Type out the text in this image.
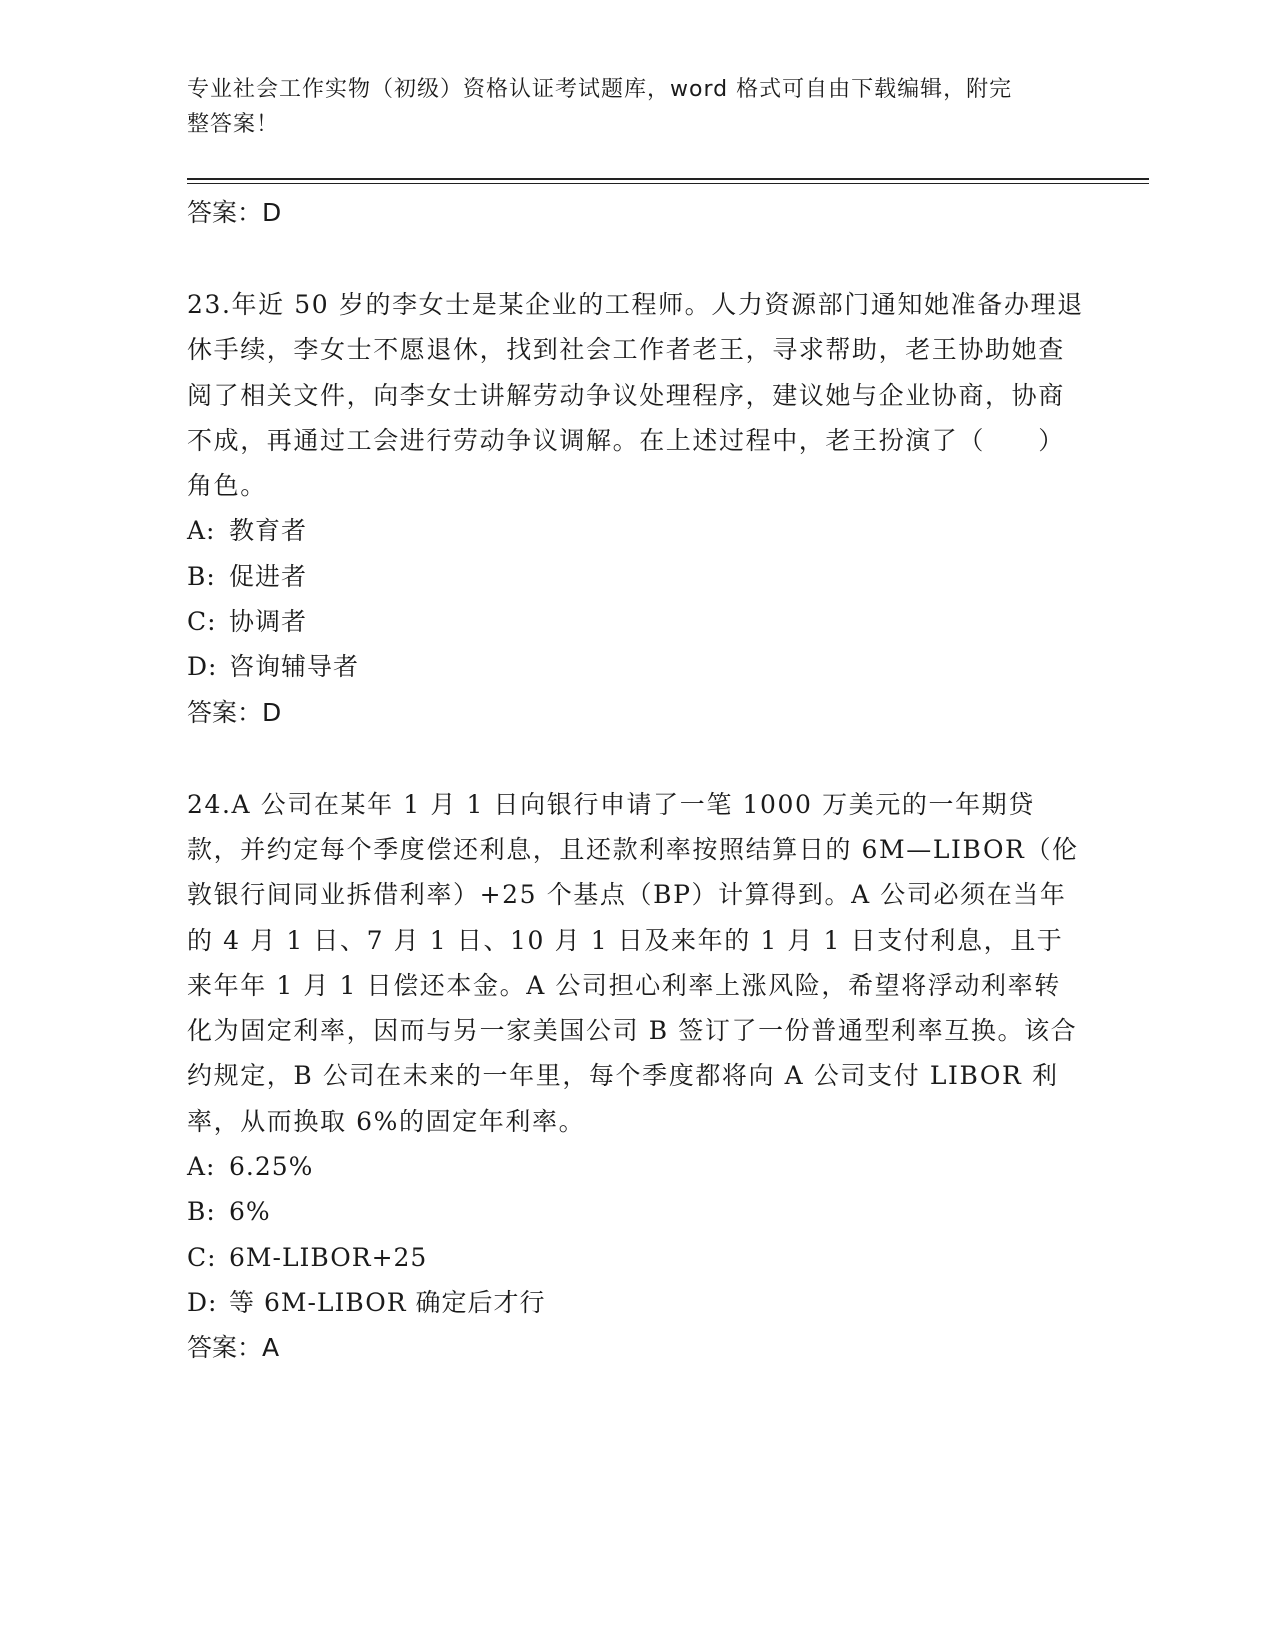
专业社会工作实物（初级）资格认证考试题库，word 格式可自由下载编辑，附完
整答案！
答案：D

23.年近 50 岁的李女士是某企业的工程师。人力资源部门通知她准备办理退休手续，李女士不愿退休，找到社会工作者老王，寻求帮助，老王协助她查阅了相关文件，向李女士讲解劳动争议处理程序，建议她与企业协商，协商不成，再通过工会进行劳动争议调解。在上述过程中，老王扮演了（　　）角色。

A: 教育者
B: 促进者
C: 协调者
D: 咨询辅导者
答案：D

24.A 公司在某年 1 月 1 日向银行申请了一笔 1000 万美元的一年期贷款，并约定每个季度偿还利息，且还款利率按照结算日的 6M—LIBOR（伦敦银行间同业拆借利率）+25 个基点（BP）计算得到。A 公司必须在当年的 4 月 1 日、7 月 1 日、10 月 1 日及来年的 1 月 1 日支付利息，且于来年年 1 月 1 日偿还本金。A 公司担心利率上涨风险，希望将浮动利率转化为固定利率，因而与另一家美国公司 B 签订了一份普通型利率互换。该合约规定，B 公司在未来的一年里，每个季度都将向 A 公司支付 LIBOR 利率，从而换取 6%的固定年利率。

A: 6.25%
B: 6%
C: 6M-LIBOR+25
D: 等 6M-LIBOR 确定后才行
答案：A
